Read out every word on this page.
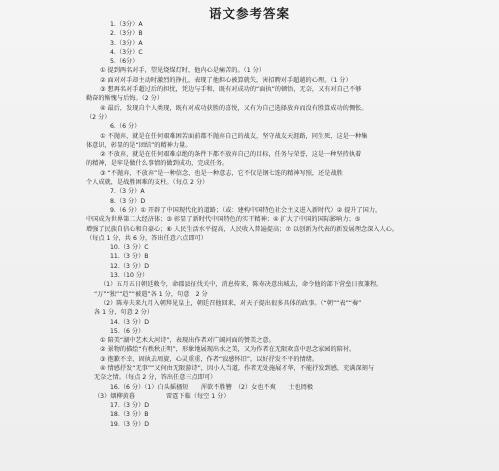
语文参考答案
1.（3分）A
2.（3分）B
3.（3分）A
4.（3分）C
5.（6分）
① 提到两名对手，望见烧煤灯时，他内心是痛苦的。（1 分）
② 面对对手却主动时激烈的挣扎，表现了他担心被算就失，害招聘对手超越的心理。（1 分）
③ 想再名对手超过后的担忧，凭边与手和，既有对成功的“面执”的顿悟，无奈，又有对自己不够
勤奋的惭愧与后悔。（2 分）
④ 最后，发现自个人类现，既有对成功获胜的喜悦，又有为自己选择放弃而没有胜算成功的惆怅。
（2 分）
6.（6 分）
① 不抛弃，就是在任何艰难困苦面前都不抛弃自己的战友，坚守战友天涯路，同生死，这是一种集
体意识，彰显的是“团结”的精神力量。
② 不放弃，就是在任何艰难卓绝的条件下都不放弃自己的目标，任务与荣誉，这是一种坚持执着
的精神，是牢是做什么事情的做到成功，完成任务。
③ “不抛弃，不放弃”是一种信念，也是一种意志，它不仅是钢七连的精神写照，还是战胜
个人成就，是战胜困难的支柱。（每点 2 分）
7.（3 分）A
8.（3 分）D
9.（6 分）① 开辟了中国现代化的道路；（或：建构中国特色社会主义进入新时代）② 提升了国力，
中国成为世界第二大经济体；③ 彰显了新时代中国特色的实干精神；④ 扩大了中国的国际影响力；⑤
增强了民族自信心和自豪心；⑥ 人民生活水平提高，人民收入普遍提高；⑦ 以创新为代表的新发展理念深入人心。
（每点 1 分，共 6 分，答出任意六点即可）
10.（3 分）C
11.（3 分）B
12.（3 分）D
13.（10 分）
（1）五月五日朝廷敕令，命郡县征伐关中，消息传来，陈寿决意出城去，命令他的部下营垒日夜兼程。
“万”“独”“趋”“被遣”各 1 分，句意　2 分
（2）陈寿夫来九月入朝拜见皇上，朝廷召他回来，对天子提出很多具体的政事。（“朝”“表”“奏”
各 1 分，句意 2 分）
14.（3 分）D
15.（6 分）
① 陪美“湖中艺术大河诗”，表现出作者对广阔河面的赞美之意。
② 景物的描绘“有秩秋正明”，形象地展现出水之美，又为作者在无限欢喜中思念家园的陪衬。
③ 抱歉不幸，固执去周旋，心灵重重，作者“寂感怀旧”，以好抒发不平的情绪。
④ 情感抒发“无事”“又何由无限游诗”，因小人当道，作者无处施展才华，不能抒发到感，充满深刻与
无奈之情。（每点 2 分，答出任意三点即可）
16.（6 分）（1）白头摇搔短　　浑欲不胜簪　（2）女也不爽　　士也罔极
（3）烟柳黄暮　　　　　雷霆下临（每空 1 分）
17.（3 分）D
18.（3 分）B
19.（3 分）D
